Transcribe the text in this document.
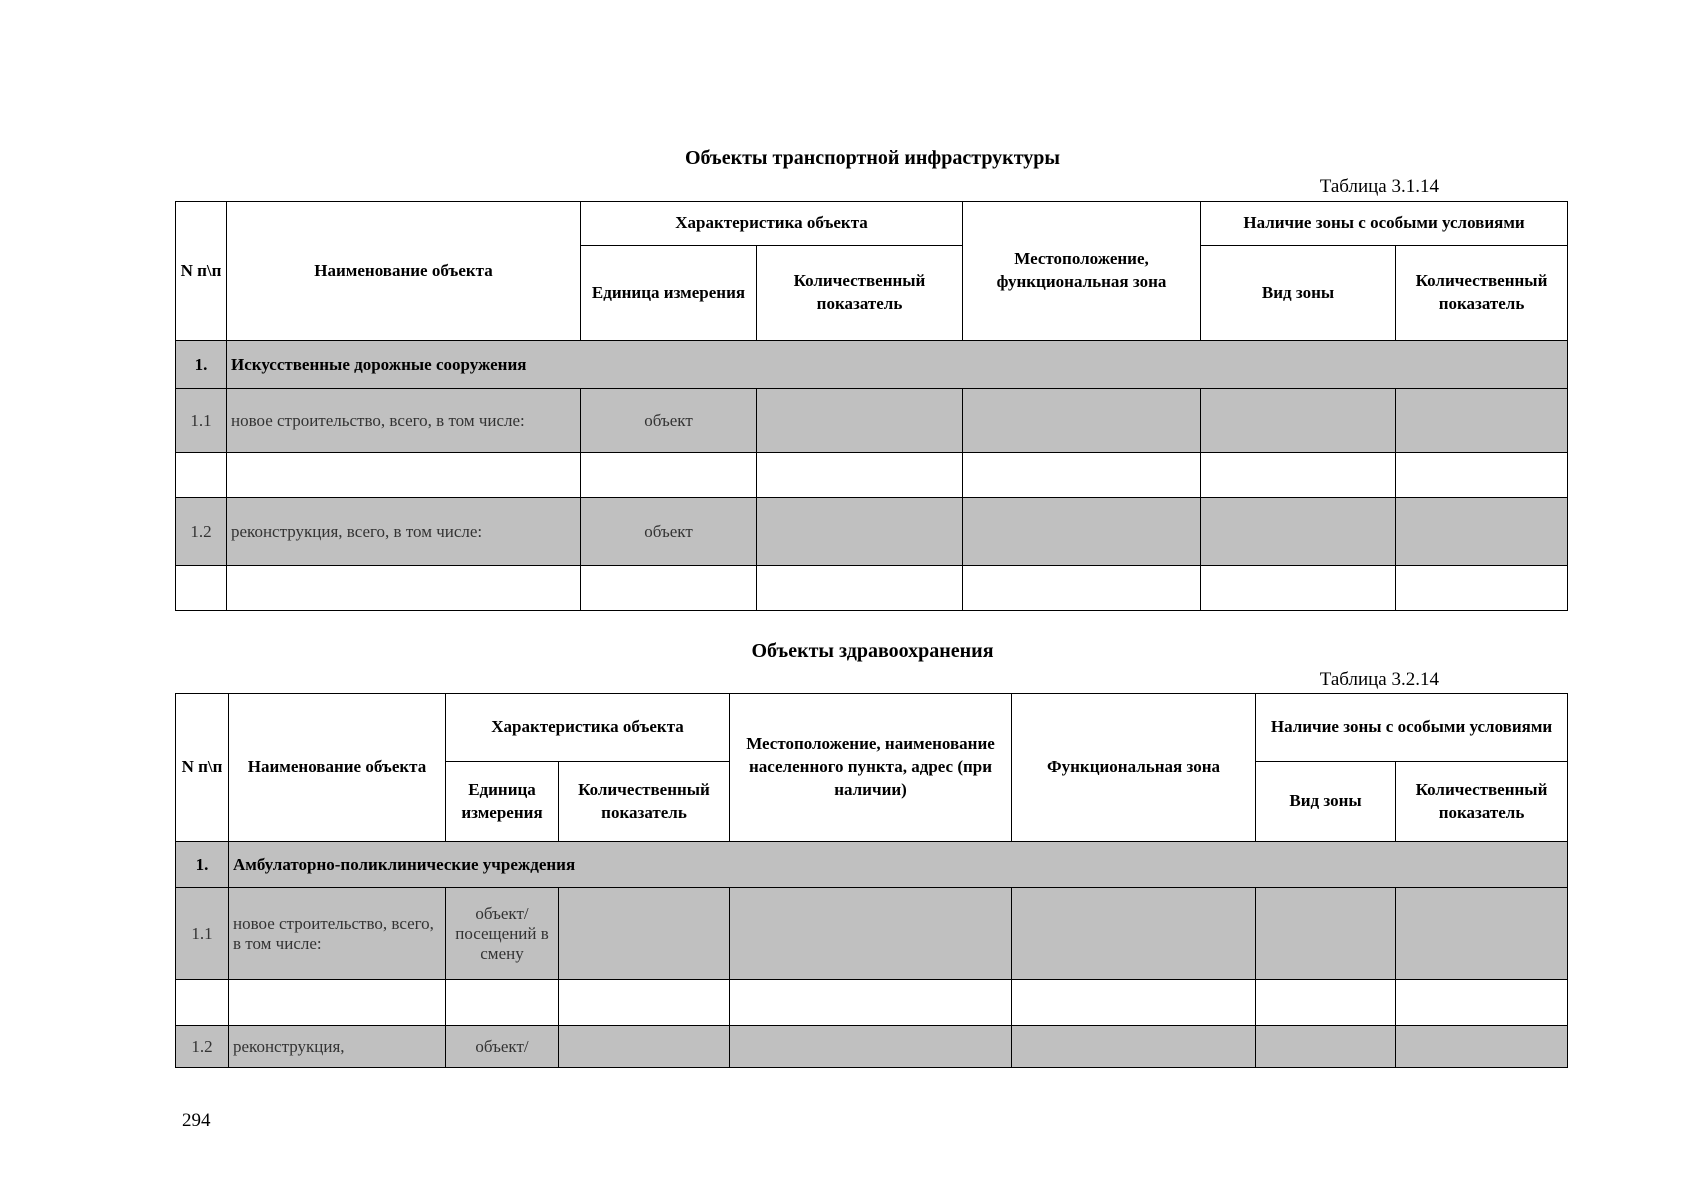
Объекты транспортной инфраструктуры
Таблица 3.1.14
N п\п	Наименование объекта	Характеристика объекта		Местоположение, функциональная зона	Наличие зоны с особыми условиями	
		Единица измерения	Количественный показатель		Вид зоны	Количественный показатель
1.	Искусственные дорожные сооружения					
1.1	новое строительство, всего, в том числе:	объект				

1.2	реконструкция, всего, в том числе:	объект				

Объекты здравоохранения
Таблица 3.2.14
N п\п	Наименование объекта	Характеристика объекта		Местоположение, наименование населенного пункта, адрес (при наличии)	Функциональная зона	Наличие зоны с особыми условиями	
		Единица измерения	Количественный показатель			Вид зоны	Количественный показатель
1.	Амбулаторно-поликлинические учреждения						
1.1	новое строительство, всего, в том числе:	объект/ посещений в смену					

1.2	реконструкция,	объект/					
294
